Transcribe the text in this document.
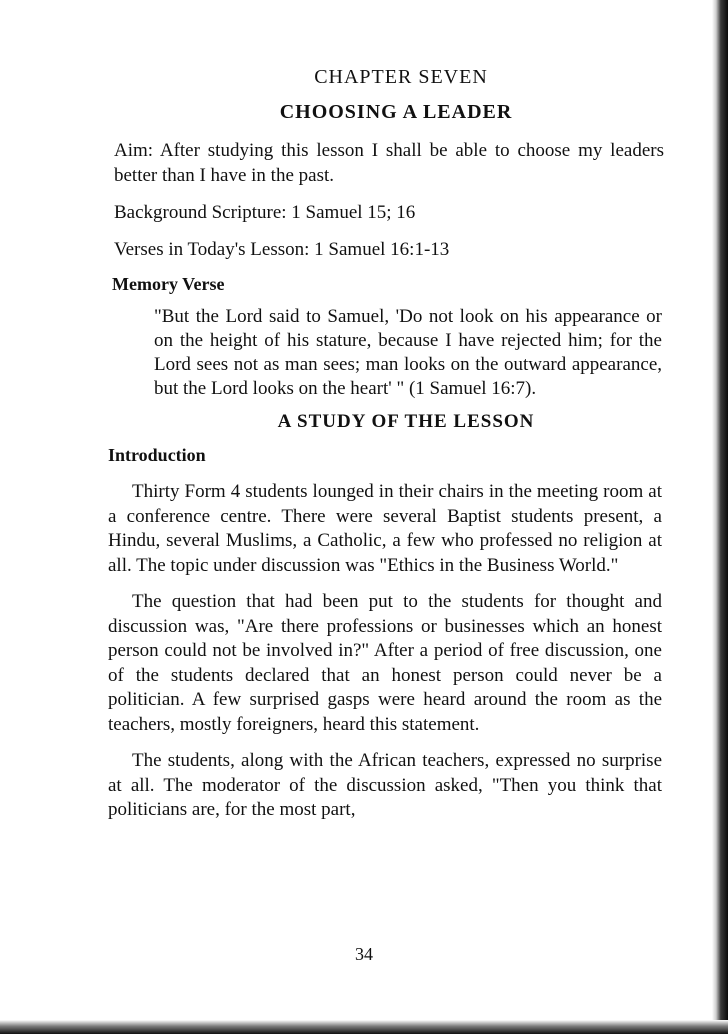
CHAPTER SEVEN
CHOOSING A LEADER
Aim: After studying this lesson I shall be able to choose my leaders better than I have in the past.
Background Scripture: 1 Samuel 15; 16
Verses in Today's Lesson: 1 Samuel 16:1-13
Memory Verse
"But the Lord said to Samuel, 'Do not look on his appearance or on the height of his stature, because I have rejected him; for the Lord sees not as man sees; man looks on the outward appearance, but the Lord looks on the heart' " (1 Samuel 16:7).
A STUDY OF THE LESSON
Introduction

Thirty Form 4 students lounged in their chairs in the meeting room at a conference centre. There were several Baptist students present, a Hindu, several Muslims, a Catholic, a few who professed no religion at all. The topic under discussion was "Ethics in the Business World."

The question that had been put to the students for thought and discussion was, "Are there professions or businesses which an honest person could not be involved in?" After a period of free discussion, one of the students declared that an honest person could never be a politician. A few surprised gasps were heard around the room as the teachers, mostly foreigners, heard this statement.

The students, along with the African teachers, expressed no surprise at all. The moderator of the discussion asked, "Then you think that politicians are, for the most part,

34
